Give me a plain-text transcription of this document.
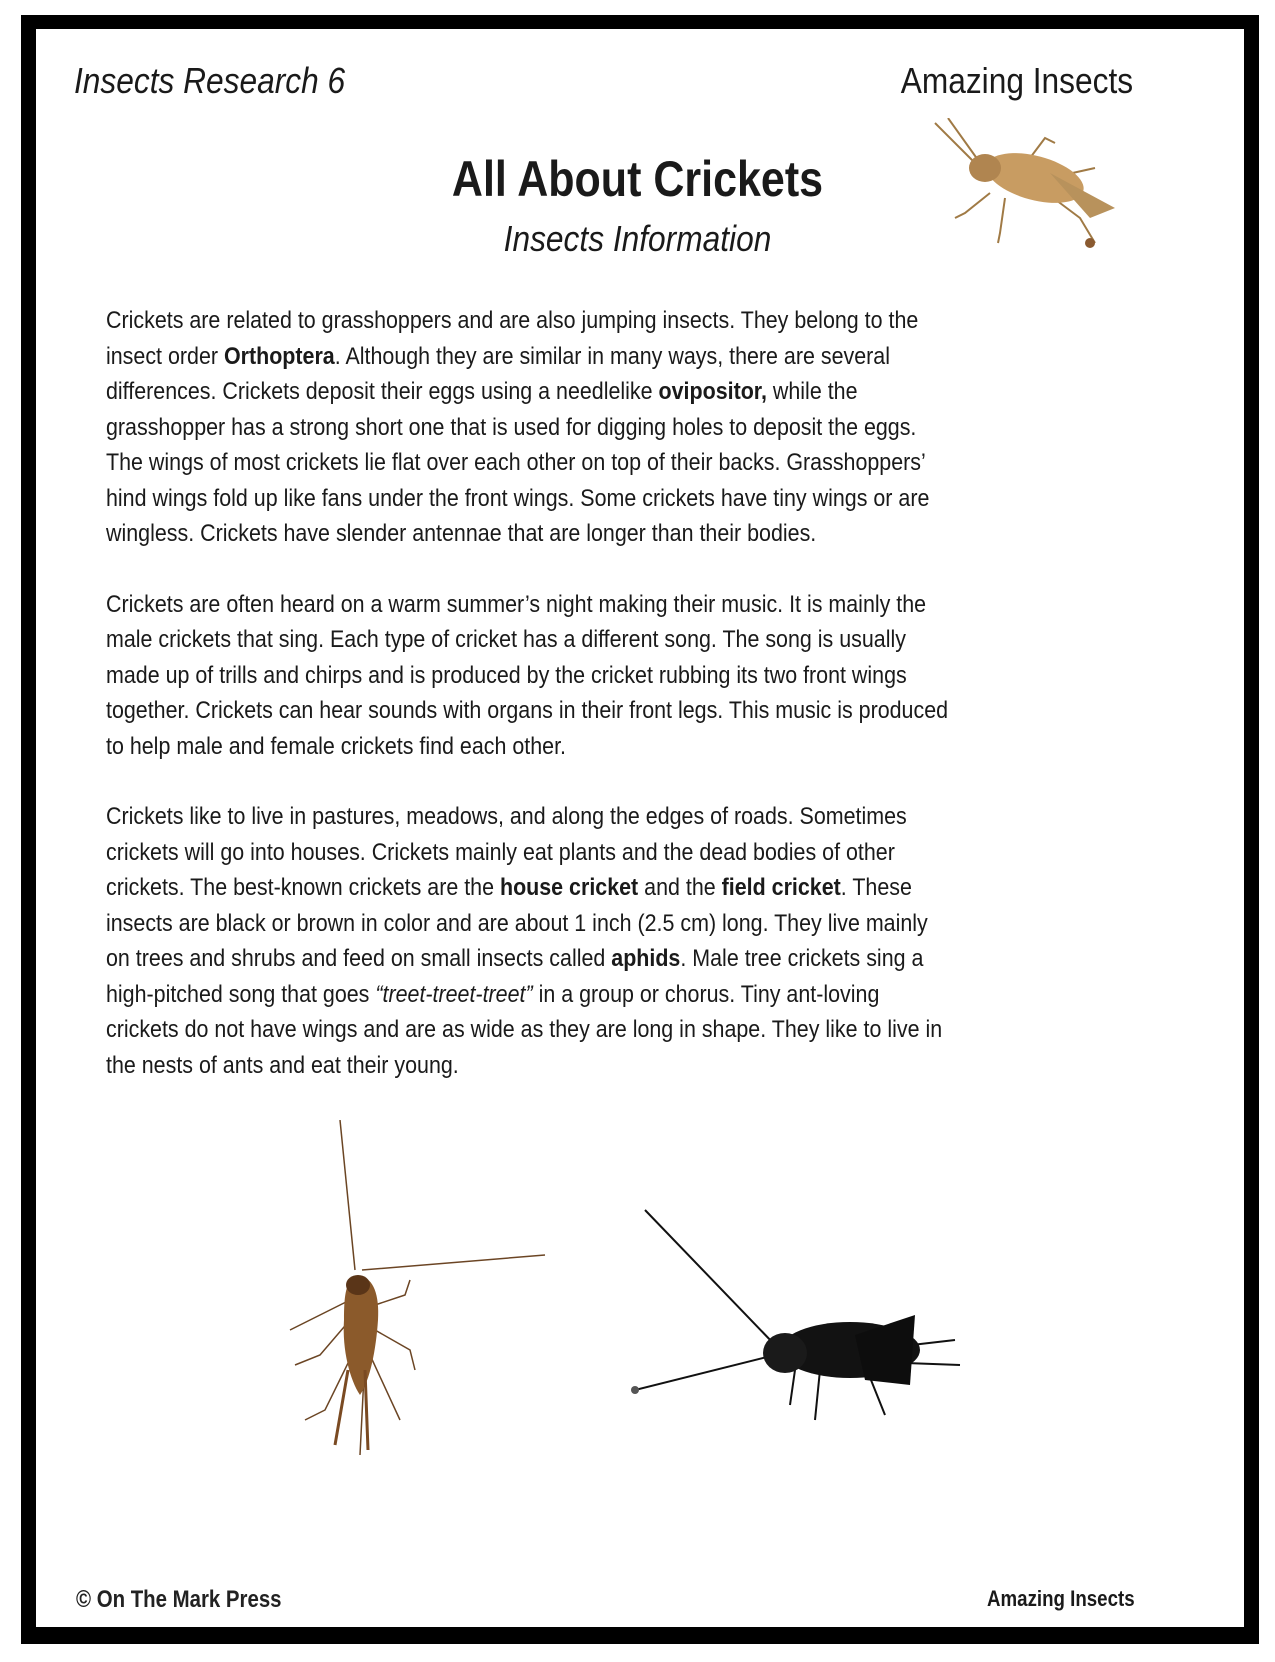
Insects Research 6	Amazing Insects
All About Crickets
Insects Information
Crickets are related to grasshoppers and are also jumping insects. They belong to the
insect order Orthoptera. Although they are similar in many ways, there are several
differences. Crickets deposit their eggs using a needlelike ovipositor, while the
grasshopper has a strong short one that is used for digging holes to deposit the eggs.
The wings of most crickets lie flat over each other on top of their backs. Grasshoppers’
hind wings fold up like fans under the front wings. Some crickets have tiny wings or are
wingless. Crickets have slender antennae that are longer than their bodies.
Crickets are often heard on a warm summer’s night making their music. It is mainly the
male crickets that sing. Each type of cricket has a different song. The song is usually
made up of trills and chirps and is produced by the cricket rubbing its two front wings
together. Crickets can hear sounds with organs in their front legs. This music is produced
to help male and female crickets find each other.
Crickets like to live in pastures, meadows, and along the edges of roads. Sometimes
crickets will go into houses. Crickets mainly eat plants and the dead bodies of other
crickets. The best-known crickets are the house cricket and the field cricket. These
insects are black or brown in color and are about 1 inch (2.5 cm) long. They live mainly
on trees and shrubs and feed on small insects called aphids. Male tree crickets sing a
high-pitched song that goes “treet-treet-treet” in a group or chorus. Tiny ant-loving
crickets do not have wings and are as wide as they are long in shape. They like to live in
the nests of ants and eat their young.
© On The Mark Press	Amazing Insects
